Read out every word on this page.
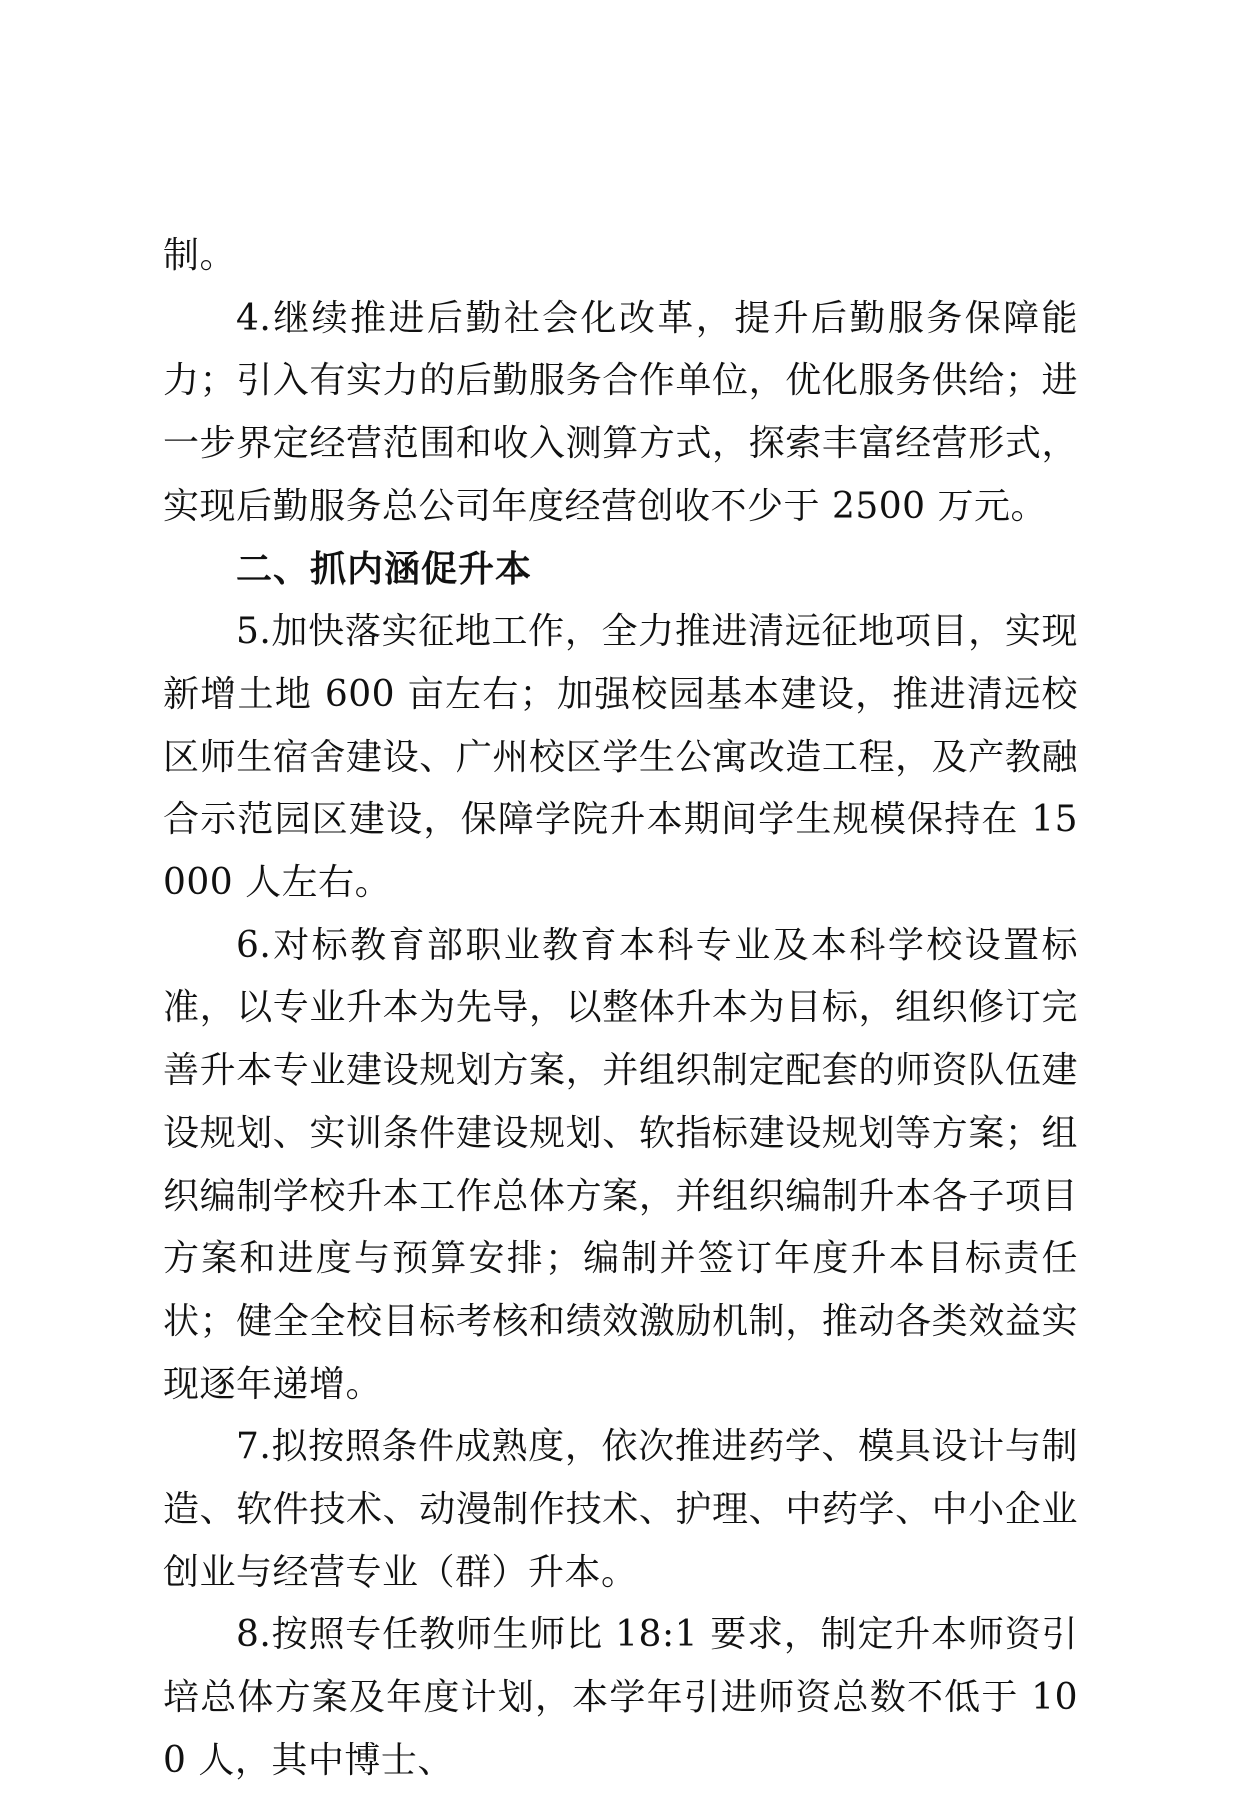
制。

4.继续推进后勤社会化改革，提升后勤服务保障能力；引入有实力的后勤服务合作单位，优化服务供给；进一步界定经营范围和收入测算方式，探索丰富经营形式，实现后勤服务总公司年度经营创收不少于 2500 万元。

二、抓内涵促升本

5.加快落实征地工作，全力推进清远征地项目，实现新增土地 600 亩左右；加强校园基本建设，推进清远校区师生宿舍建设、广州校区学生公寓改造工程，及产教融合示范园区建设，保障学院升本期间学生规模保持在 15000 人左右。

6.对标教育部职业教育本科专业及本科学校设置标准，以专业升本为先导，以整体升本为目标，组织修订完善升本专业建设规划方案，并组织制定配套的师资队伍建设规划、实训条件建设规划、软指标建设规划等方案；组织编制学校升本工作总体方案，并组织编制升本各子项目方案和进度与预算安排；编制并签订年度升本目标责任状；健全全校目标考核和绩效激励机制，推动各类效益实现逐年递增。

7.拟按照条件成熟度，依次推进药学、模具设计与制造、软件技术、动漫制作技术、护理、中药学、中小企业创业与经营专业（群）升本。

8.按照专任教师生师比 18:1 要求，制定升本师资引培总体方案及年度计划，本学年引进师资总数不低于 100 人，其中博士、
